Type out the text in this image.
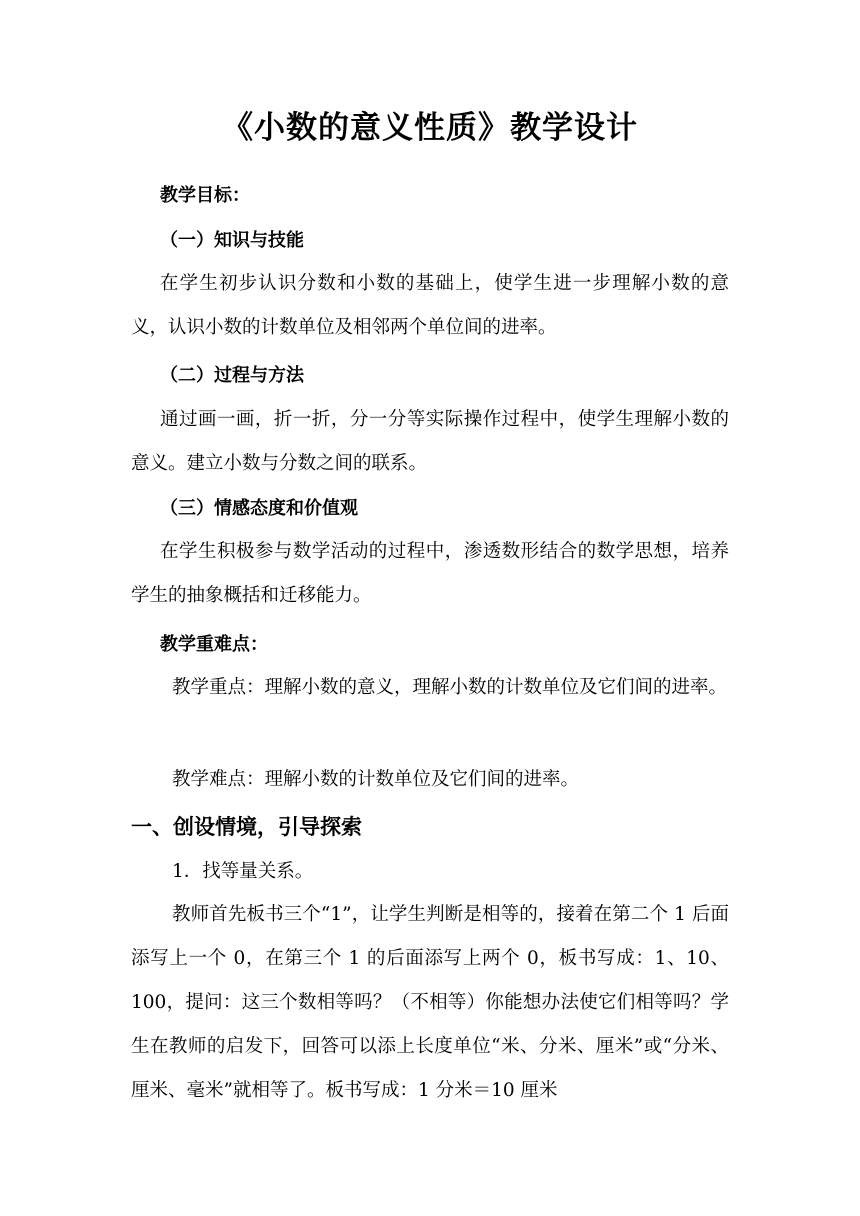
《小数的意义性质》教学设计
教学目标：
（一）知识与技能
在学生初步认识分数和小数的基础上，使学生进一步理解小数的意义，认识小数的计数单位及相邻两个单位间的进率。
（二）过程与方法
通过画一画，折一折，分一分等实际操作过程中，使学生理解小数的意义。建立小数与分数之间的联系。
（三）情感态度和价值观
在学生积极参与数学活动的过程中，渗透数形结合的数学思想，培养学生的抽象概括和迁移能力。
教学重难点：
教学重点：理解小数的意义，理解小数的计数单位及它们间的进率。
教学难点：理解小数的计数单位及它们间的进率。
一、创设情境，引导探索
1．找等量关系。
教师首先板书三个“1”，让学生判断是相等的，接着在第二个 1 后面添写上一个 0，在第三个 1 的后面添写上两个 0，板书写成：1、10、100，提问：这三个数相等吗？（不相等）你能想办法使它们相等吗？学生在教师的启发下，回答可以添上长度单位“米、分米、厘米”或“分米、厘米、毫米”就相等了。板书写成：1 分米＝10 厘米
